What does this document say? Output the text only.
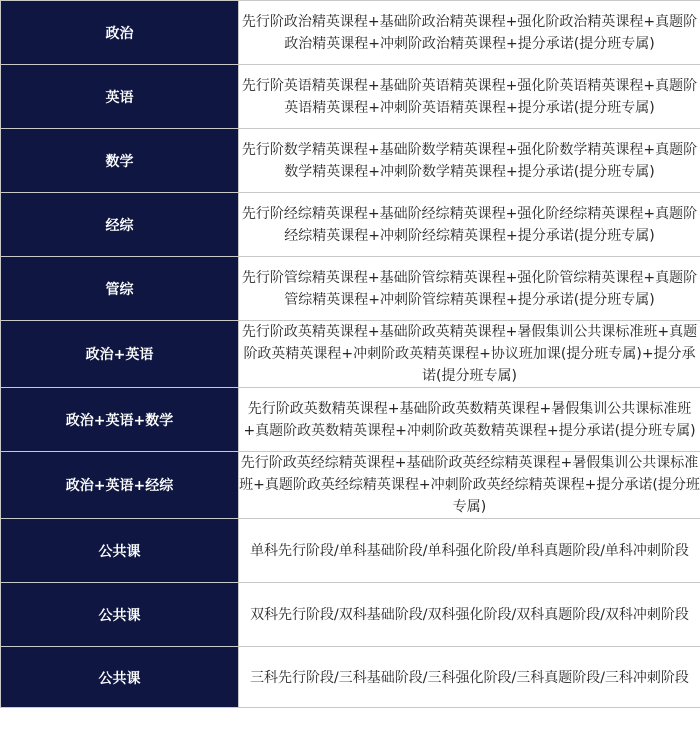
政治	先行阶政治精英课程+基础阶政治精英课程+强化阶政治精英课程+真题阶政治精英课程+冲刺阶政治精英课程+提分承诺(提分班专属)
英语	先行阶英语精英课程+基础阶英语精英课程+强化阶英语精英课程+真题阶英语精英课程+冲刺阶英语精英课程+提分承诺(提分班专属)
数学	先行阶数学精英课程+基础阶数学精英课程+强化阶数学精英课程+真题阶数学精英课程+冲刺阶数学精英课程+提分承诺(提分班专属)
经综	先行阶经综精英课程+基础阶经综精英课程+强化阶经综精英课程+真题阶经综精英课程+冲刺阶经综精英课程+提分承诺(提分班专属)
管综	先行阶管综精英课程+基础阶管综精英课程+强化阶管综精英课程+真题阶管综精英课程+冲刺阶管综精英课程+提分承诺(提分班专属)
政治+英语	先行阶政英精英课程+基础阶政英精英课程+暑假集训公共课标准班+真题阶政英精英课程+冲刺阶政英精英课程+协议班加课(提分班专属)+提分承诺(提分班专属)
政治+英语+数学	先行阶政英数精英课程+基础阶政英数精英课程+暑假集训公共课标准班+真题阶政英数精英课程+冲刺阶政英数精英课程+提分承诺(提分班专属)
政治+英语+经综	先行阶政英经综精英课程+基础阶政英经综精英课程+暑假集训公共课标准班+真题阶政英经综精英课程+冲刺阶政英经综精英课程+提分承诺(提分班专属)
公共课	单科先行阶段/单科基础阶段/单科强化阶段/单科真题阶段/单科冲刺阶段
公共课	双科先行阶段/双科基础阶段/双科强化阶段/双科真题阶段/双科冲刺阶段
公共课	三科先行阶段/三科基础阶段/三科强化阶段/三科真题阶段/三科冲刺阶段
